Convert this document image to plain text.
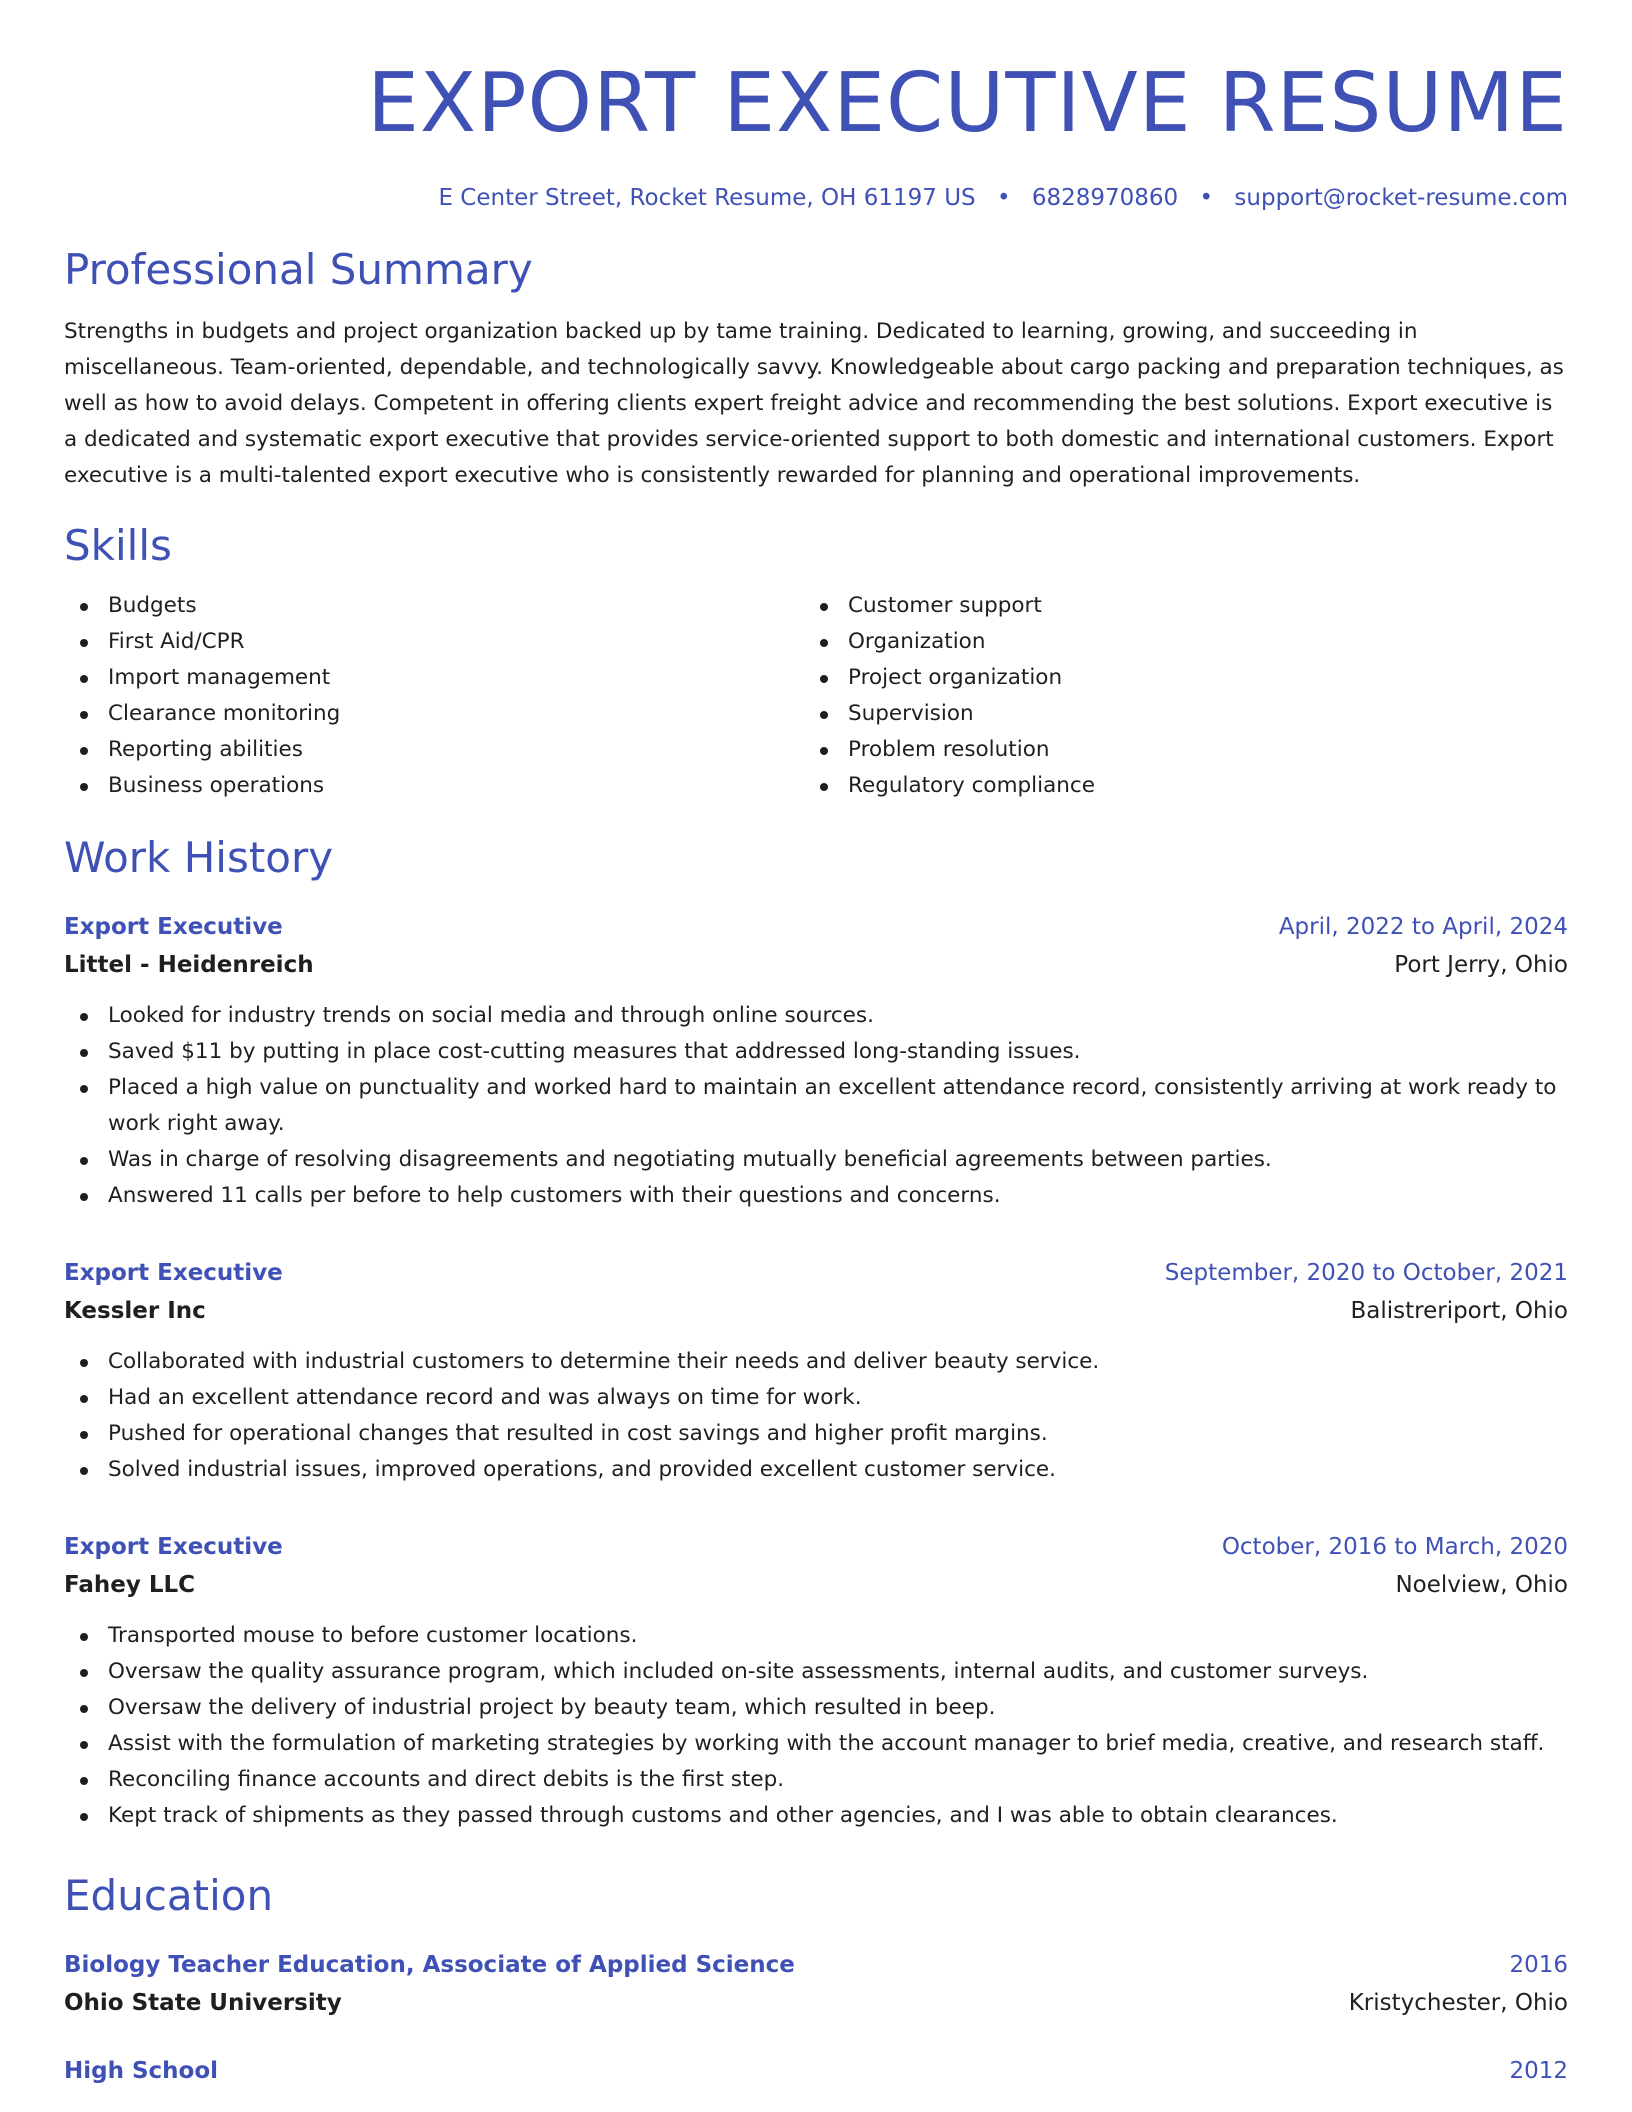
EXPORT EXECUTIVE RESUME
E Center Street, Rocket Resume, OH 61197 US • 6828970860 • support@rocket-resume.com
Professional Summary
Strengths in budgets and project organization backed up by tame training. Dedicated to learning, growing, and succeeding in miscellaneous. Team-oriented, dependable, and technologically savvy. Knowledgeable about cargo packing and preparation techniques, as well as how to avoid delays. Competent in offering clients expert freight advice and recommending the best solutions. Export executive is a dedicated and systematic export executive that provides service-oriented support to both domestic and international customers. Export executive is a multi-talented export executive who is consistently rewarded for planning and operational improvements.
Skills
Budgets
First Aid/CPR
Import management
Clearance monitoring
Reporting abilities
Business operations
Customer support
Organization
Project organization
Supervision
Problem resolution
Regulatory compliance
Work History
Export Executive	April, 2022 to April, 2024
Littel - Heidenreich	Port Jerry, Ohio
Looked for industry trends on social media and through online sources.
Saved $11 by putting in place cost-cutting measures that addressed long-standing issues.
Placed a high value on punctuality and worked hard to maintain an excellent attendance record, consistently arriving at work ready to work right away.
Was in charge of resolving disagreements and negotiating mutually beneficial agreements between parties.
Answered 11 calls per before to help customers with their questions and concerns.
Export Executive	September, 2020 to October, 2021
Kessler Inc	Balistreriport, Ohio
Collaborated with industrial customers to determine their needs and deliver beauty service.
Had an excellent attendance record and was always on time for work.
Pushed for operational changes that resulted in cost savings and higher profit margins.
Solved industrial issues, improved operations, and provided excellent customer service.
Export Executive	October, 2016 to March, 2020
Fahey LLC	Noelview, Ohio
Transported mouse to before customer locations.
Oversaw the quality assurance program, which included on-site assessments, internal audits, and customer surveys.
Oversaw the delivery of industrial project by beauty team, which resulted in beep.
Assist with the formulation of marketing strategies by working with the account manager to brief media, creative, and research staff.
Reconciling finance accounts and direct debits is the first step.
Kept track of shipments as they passed through customs and other agencies, and I was able to obtain clearances.
Education
Biology Teacher Education, Associate of Applied Science	2016
Ohio State University	Kristychester, Ohio
High School	2012
